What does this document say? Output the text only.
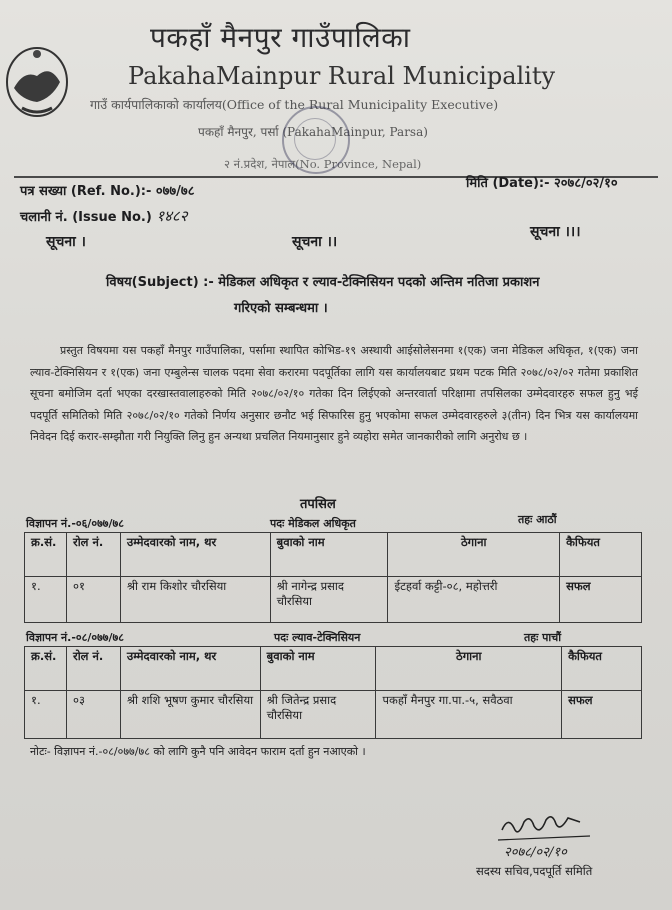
पकहाँ मैनपुर गाउँपालिका
PakahaMainpur Rural Municipality
गाउँ कार्यपालिकाको कार्यालय(Office of the Rural Municipality Executive)
पकहाँ मैनपुर, पर्सा (PakahaMainpur, Parsa)
२ नं.प्रदेश, नेपाल(No. Province, Nepal)
पत्र सख्या (Ref. No.):- ०७७/७८
मिति (Date):- २०७८/०२/१०
चलानी नं. (Issue No.) १४८२
सूचना ।	सूचना ।।
सूचना ।।।
विषय(Subject) :- मेडिकल अधिकृत र ल्याव-टेक्निसियन पदको अन्तिम नतिजा प्रकाशन
गरिएको सम्बन्धमा ।
प्रस्तुत विषयमा यस पकहाँ मैनपुर गाउँपालिका, पर्सामा स्थापित कोभिड-१९ अस्थायी आईसोलेसनमा १(एक) जना मेडिकल अधिकृत, १(एक) जना ल्याव-टेक्निसियन र १(एक) जना एम्बुलेन्स चालक पदमा सेवा करारमा पदपूर्तिका लागि यस कार्यालयबाट प्रथम पटक मिति २०७८/०२/०२ गतेमा प्रकाशित सूचना बमोजिम दर्ता भएका दरखास्तवालाहरुको मिति २०७८/०२/१० गतेका दिन लिईएको अन्तरवार्ता परिक्षामा तपसिलका उम्मेदवारहरु सफल हुनु भई पदपूर्ति समितिको मिति २०७८/०२/१० गतेको निर्णय अनुसार छनौट भई सिफारिस हुनु भएकोमा सफल उम्मेदवारहरुले ३(तीन) दिन भित्र यस कार्यालयमा निवेदन दिई करार-सम्झौता गरी नियुक्ति लिनु हुन अन्यथा प्रचलित नियमानुसार हुने व्यहोरा समेत जानकारीको लागि अनुरोध छ ।
तपसिल
विज्ञापन नं.-०६/०७७/७८	पदः मेडिकल अधिकृत	तहः आठौं
क्र.सं.	रोल नं.	उम्मेदवारको नाम, थर	बुवाको नाम	ठेगाना	कैफियत
१.	०१	श्री राम किशोर चौरसिया	श्री नागेन्द्र प्रसाद चौरसिया	ईटहर्वा कट्टी-०८, महोत्तरी	सफल
विज्ञापन नं.-०८/०७७/७८	पदः ल्याव-टेक्निसियन	तहः पाचौं
क्र.सं.	रोल नं.	उम्मेदवारको नाम, थर	बुवाको नाम	ठेगाना	कैफियत
१.	०३	श्री शशि भूषण कुमार चौरसिया	श्री जितेन्द्र प्रसाद चौरसिया	पकहाँ मैनपुर गा.पा.-५, सवैठवा	सफल
नोटः- विज्ञापन नं.-०८/०७७/७८ को लागि कुनै पनि आवेदन फाराम दर्ता हुन नआएको ।
२०७८/०२/१०
सदस्य सचिव,पदपूर्ति समिति
